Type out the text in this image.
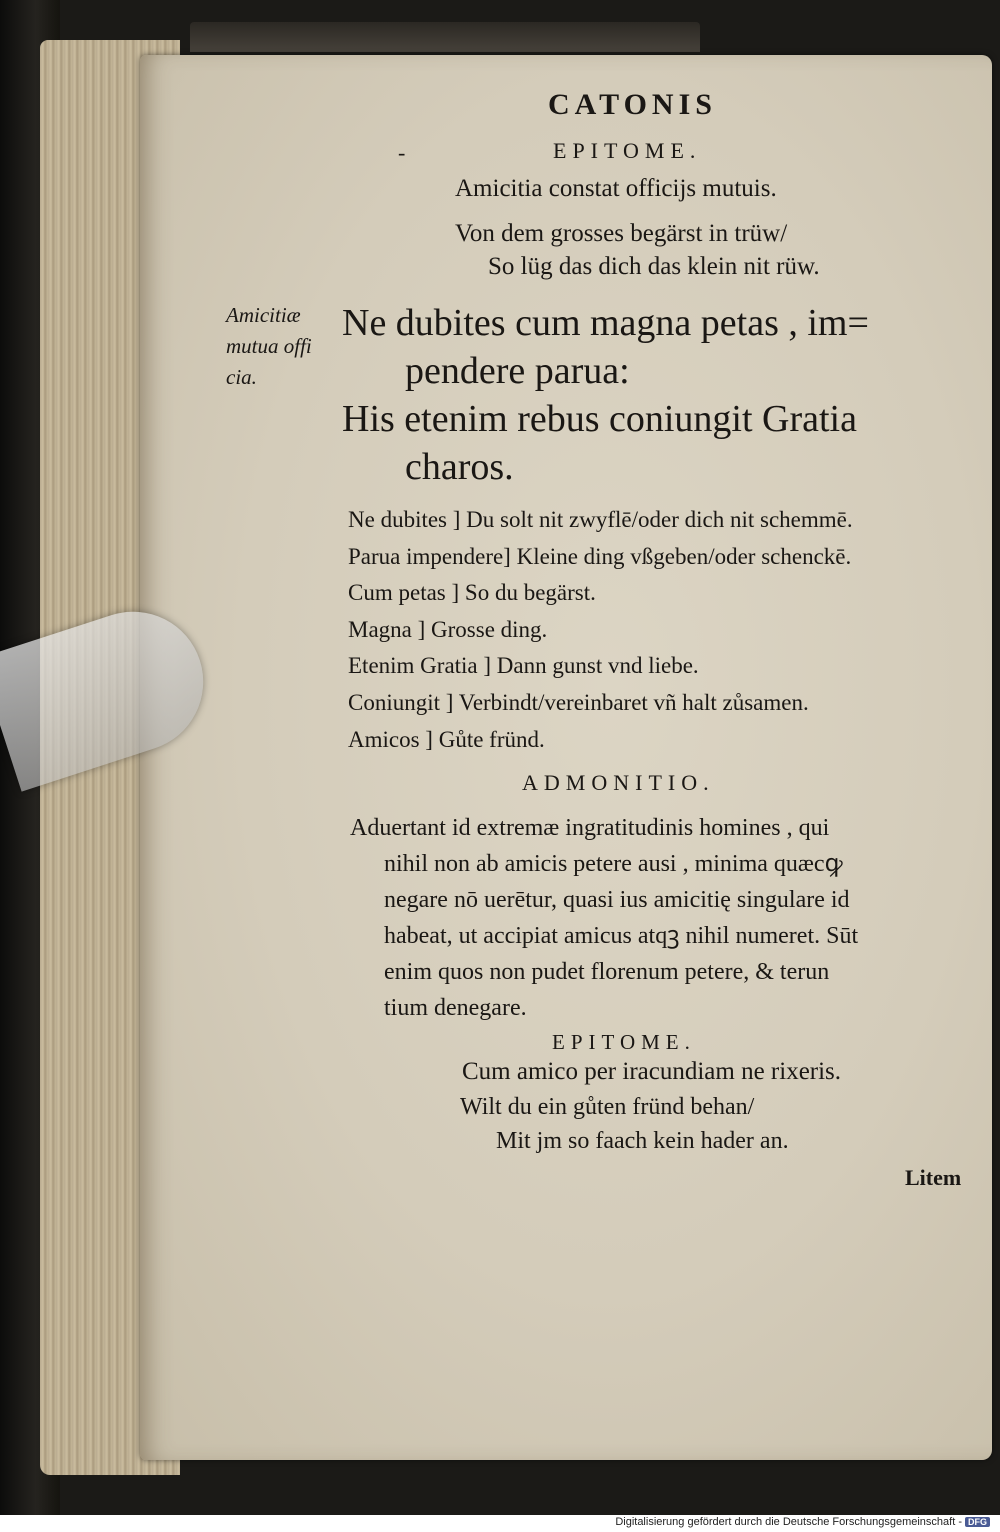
CATONIS
-	EPITOME.
Amicitia constat officijs mutuis.
Von dem grosses begärst in trüw/
So lüg das dich das klein nit rüw.
Amicitiæ
mutua offi
cia.
Ne dubites cum magna petas , im=
pendere parua:
His etenim rebus coniungit Gratia
charos.
Ne dubites ] Du solt nit zwyflē/oder dich nit schemmē.
Parua impendere] Kleine ding vßgeben/oder schenckē.
Cum petas ] So du begärst.
Magna ] Grosse ding.
Etenim Gratia ] Dann gunst vnd liebe.
Coniungit ] Verbindt/vereinbaret vñ halt zůsamen.
Amicos ] Gůte fründ.
ADMONITIO.
Aduertant id extremæ ingratitudinis homines , qui
nihil non ab amicis petere ausi , minima quæcꝙ
negare nō uerētur, quasi ius amicitię singulare id
habeat, ut accipiat amicus atqꝫ nihil numeret. Sūt
enim quos non pudet florenum petere, & terun
tium denegare.
EPITOME.
Cum amico per iracundiam ne rixeris.
Wilt du ein gůten fründ behan/
Mit jm so faach kein hader an.
Litem
Digitalisierung gefördert durch die Deutsche Forschungsgemeinschaft - DFG
